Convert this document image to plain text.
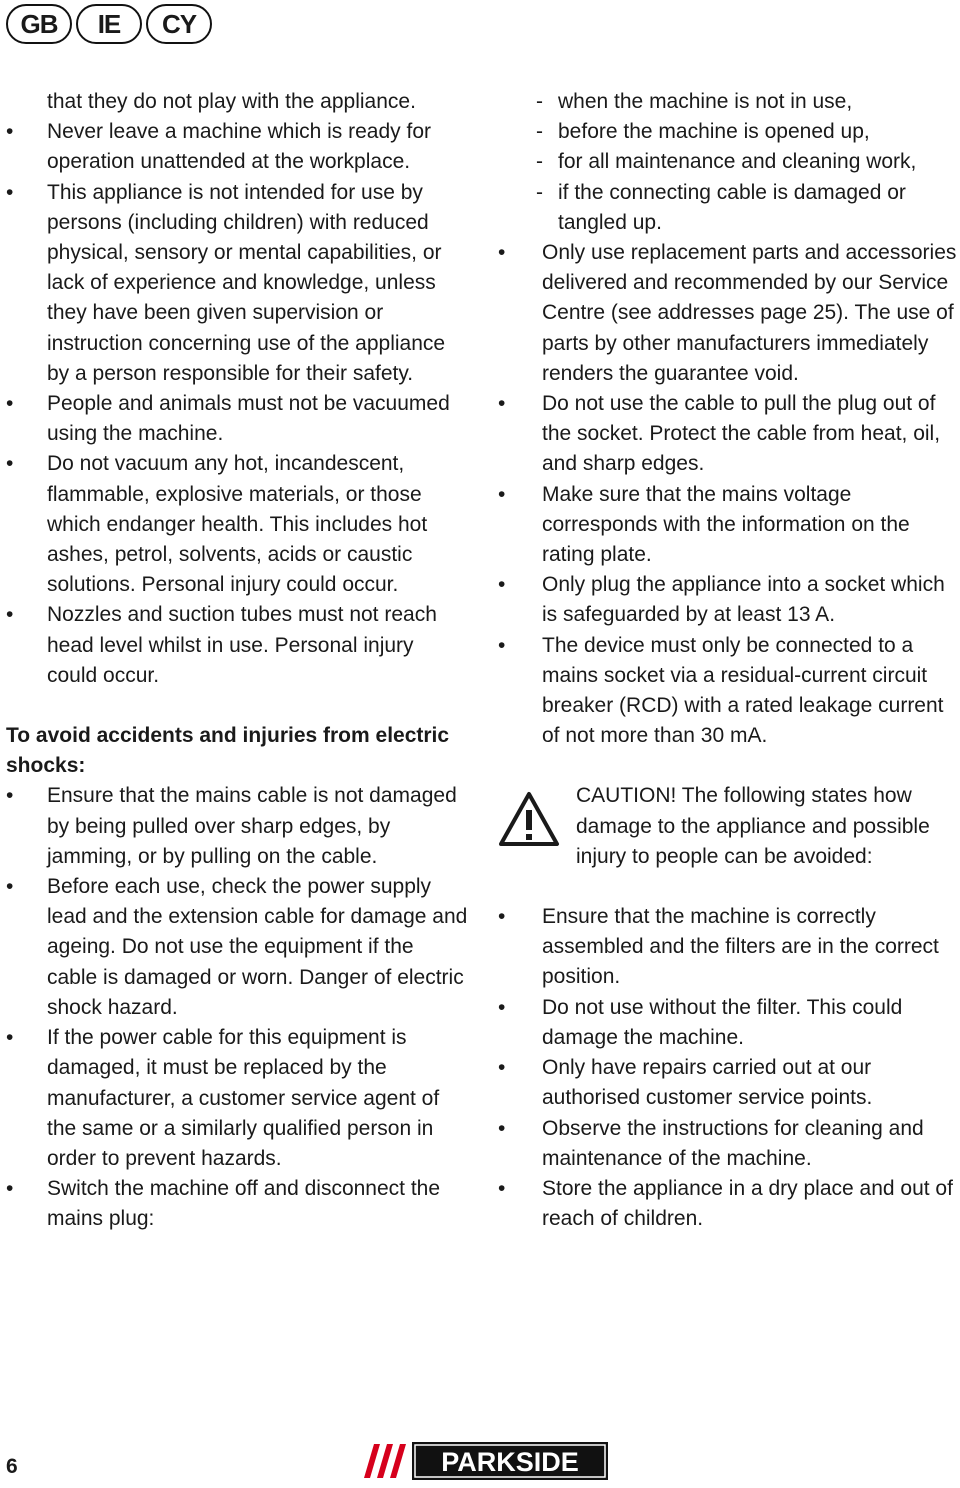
GB	IE	CY

that they do not play with the appliance.

• Never leave a machine which is ready for operation unattended at the workplace.

• This appliance is not intended for use by persons (including children) with reduced physical, sensory or mental capabilities, or lack of experience and knowledge, unless they have been given supervision or instruction concerning use of the appliance by a person responsible for their safety.

• People and animals must not be vacuumed using the machine.

• Do not vacuum any hot, incandescent, flammable, explosive materials, or those which endanger health. This includes hot ashes, petrol, solvents, acids or caustic solutions. Personal injury could occur.

• Nozzles and suction tubes must not reach head level whilst in use. Personal injury could occur.

To avoid accidents and injuries from electric shocks:

• Ensure that the mains cable is not damaged by being pulled over sharp edges, by jamming, or by pulling on the cable.

• Before each use, check the power supply lead and the extension cable for damage and ageing. Do not use the equipment if the cable is damaged or worn. Danger of electric shock hazard.

• If the power cable for this equipment is damaged, it must be replaced by the manufacturer, a customer service agent of the same or a similarly qualified person in order to prevent hazards.

• Switch the machine off and disconnect the mains plug:

- when the machine is not in use,

- before the machine is opened up,

- for all maintenance and cleaning work,

- if the connecting cable is damaged or tangled up.

• Only use replacement parts and accessories delivered and recommended by our Service Centre (see addresses page 25). The use of parts by other manufacturers immediately renders the guarantee void.

• Do not use the cable to pull the plug out of the socket. Protect the cable from heat, oil, and sharp edges.

• Make sure that the mains voltage corresponds with the information on the rating plate.

• Only plug the appliance into a socket which is safeguarded by at least 13 A.

• The device must only be connected to a mains socket via a residual-current circuit breaker (RCD) with a rated leakage current of not more than 30 mA.

CAUTION! The following states how damage to the appliance and possible injury to people can be avoided:

• Ensure that the machine is correctly assembled and the filters are in the correct position.

• Do not use without the filter. This could damage the machine.

• Only have repairs carried out at our authorised customer service points.

• Observe the instructions for cleaning and maintenance of the machine.

• Store the appliance in a dry place and out of reach of children.

6	PARKSIDE
